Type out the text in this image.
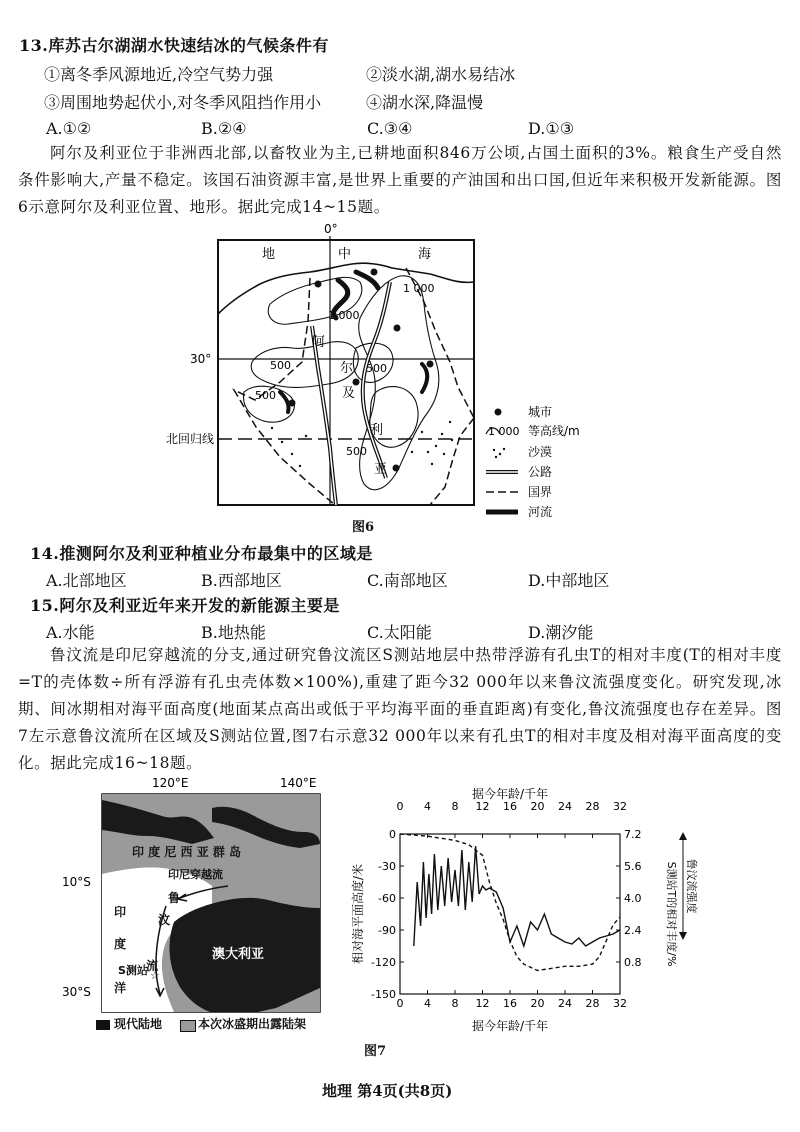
13.库苏古尔湖湖水快速结冰的气候条件有
①离冬季风源地近,冷空气势力强	②淡水湖,湖水易结冰
③周围地势起伏小,对冬季风阻挡作用小	④湖水深,降温慢
A.①②	B.②④	C.③④	D.①③

阿尔及利亚位于非洲西北部,以畜牧业为主,已耕地面积846万公顷,占国土面积的3%。粮食生产受自然条件影响大,产量不稳定。该国石油资源丰富,是世界上重要的产油国和出口国,但近年来积极开发新能源。图6示意阿尔及利亚位置、地形。据此完成14~15题。

0°
30°
北回归线
地	中	海
1 000
1 000
500	500
500
500
阿
尔
及
利
亚
城市
1 000 等高线/m
沙漠
公路
国界
河流
图6
14.推测阿尔及利亚种植业分布最集中的区域是
A.北部地区	B.西部地区	C.南部地区	D.中部地区
15.阿尔及利亚近年来开发的新能源主要是
A.水能	B.地热能	C.太阳能	D.潮汐能

鲁汶流是印尼穿越流的分支,通过研究鲁汶流区S测站地层中热带浮游有孔虫T的相对丰度(T的相对丰度=T的壳体数÷所有浮游有孔虫壳体数×100%),重建了距今32 000年以来鲁汶流强度变化。研究发现,冰期、间冰期相对海平面高度(地面某点高出或低于平均海平面的垂直距离)有变化,鲁汶流强度也存在差异。图7左示意鲁汶流所在区域及S测站位置,图7右示意32 000年以来有孔虫T的相对丰度及相对海平面高度的变化。据此完成16~18题。

120°E	140°E
10°S
30°S
印 度 尼 西 亚 群 岛
印尼穿越流
鲁
汶
流
印
度
洋
S测站 ☆
澳大利亚
现代陆地	本次冰盛期出露陆架
据今年龄/千年
据今年龄/千年
相对海平面高度/米	S测站T的相对丰度/% 鲁汶流强度
0
0
4
4
8
8
12
12
16
16
20
20
24
24
28
28
32
32
0
-30
-60
-90
-120
-150
7.2
5.6
4.0
2.4
0.8
图7
地理 第4页(共8页)
